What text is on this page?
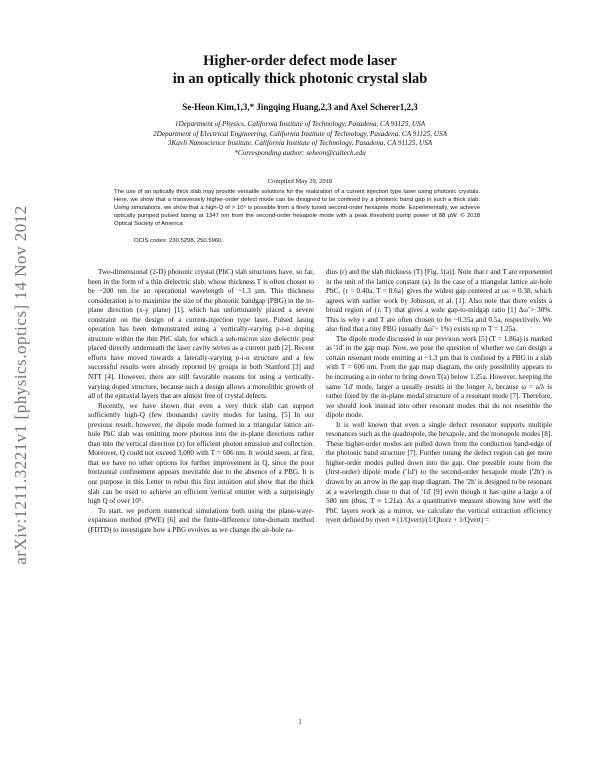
arXiv:1211.3221v1 [physics.optics] 14 Nov 2012
Higher-order defect mode laser
in an optically thick photonic crystal slab
Se-Heon Kim,1,3,* Jingqing Huang,2,3 and Axel Scherer1,2,3
1Department of Physics, California Institute of Technology, Pasadena, CA 91125, USA
2Department of Electrical Engineering, California Institute of Technology, Pasadena, CA 91125, USA
3Kavli Nanoscience Institute, California Institute of Technology, Pasadena, CA 91125, USA
*Corresponding author: seheon@caltech.edu
Compiled May 29, 2018
The use of an optically thick slab may provide versatile solutions for the realization of a current injection type laser using photonic crystals. Here, we show that a transversely higher-order defect mode can be designed to be confined by a photonic band gap in such a thick slab. Using simulations, we show that a high-Q of > 10⁵ is possible from a finely tuned second-order hexapole mode. Experimentally, we achieve optically pumped pulsed lasing at 1347 nm from the second-order hexapole mode with a peak threshold pump power of 88 µW. © 2018 Optical Society of America
OCIS codes: 230.5298, 250.5960.

Two-dimensional (2-D) photonic crystal (PhC) slab structures have, so far, been in the form of a thin dielectric slab, whose thickness T is often chosen to be ~200 nm for an operational wavelength of ~1.3 µm. This thickness consideration is to maximize the size of the photonic bandgap (PBG) in the in-plane direction (x-y plane) [1], which has unfortunately placed a severe constraint on the design of a current-injection type laser. Pulsed lasing operation has been demonstrated using a vertically-varying p-i-n doping structure within the thin PhC slab, for which a sub-micron size dielectric post placed directly underneath the laser cavity serves as a current path [2]. Recent efforts have moved towards a laterally-varying p-i-n structure and a few successful results were already reported by groups in both Stanford [3] and NTT [4]. However, there are still favorable reasons for using a vertically-varying doped structure, because such a design allows a monolithic growth of all of the epitaxial layers that are almost free of crystal defects.

Recently, we have shown that even a very thick slab can support sufficiently high-Q (few thousands) cavity modes for lasing. [5] In our previous result, however, the dipole mode formed in a triangular lattice air-hole PhC slab was emitting more photons into the in-plane directions rather than into the vertical direction (z) for efficient photon emission and collection. Moreover, Q could not exceed 3,000 with T = 606 nm. It would seem, at first, that we have no other options for further improvement in Q, since the poor horizontal confinement appears inevitable due to the absence of a PBG. It is our purpose in this Letter to rebut this first intuition and show that the thick slab can be used to achieve an efficient vertical emitter with a surprisingly high Q of over 10⁵.

To start, we perform numerical simulations both using the plane-wave-expansion method (PWE) [6] and the finite-difference time-domain method (FDTD) to investigate how a PBG evolves as we change the air-hole ra-

dius (r) and the slab thickness (T) [Fig. 1(a)]. Note that r and T are represented in the unit of the lattice constant (a). In the case of a triangular lattice air-hole PhC, {r = 0.40a, T = 0.6a} gives the widest gap centered at ωc ≈ 0.38, which agrees with earlier work by Johnson, et al. [1]. Also note that there exists a broad region of {r, T} that gives a wide gap-to-midgap ratio [1] Δω̃ > 30%. This is why r and T are often chosen to be ~0.35a and 0.5a, respectively. We also find that a tiny PBG (usually Δω̃ ~ 1%) exists up to T = 1.25a.

The dipole mode discussed in our previous work [5] (T = 1.86a) is marked as '1d' in the gap map. Now, we pose the question of whether we can design a certain resonant mode emitting at ~1.3 µm that is confined by a PBG in a slab with T = 606 nm. From the gap map diagram, the only possibility appears to be increasing a in order to bring down T(a) below 1.25a. However, keeping the same '1d' mode, larger a usually results in the longer λ, because ω = a/λ is rather fixed by the in-plane modal structure of a resonant mode [7]. Therefore, we should look instead into other resonant modes that do not resemble the dipole mode.

It is well known that even a single defect resonator supports multiple resonances such as the quadrupole, the hexapole, and the monopole modes [8]. These higher-order modes are pulled down from the conduction band-edge of the photonic band structure [7]. Further tuning the defect region can get more higher-order modes pulled down into the gap. One possible route from the (first-order) dipole mode ('1d') to the second-order hexapole mode ('2h') is drawn by an arrow in the gap map diagram. The '2h' is designed to be resonant at a wavelength close to that of '1d' [9] even though it has quite a large a of 500 nm (thus, T ≈ 1.21a). As a quantitative measure showing how well the PhC layers work as a mirror, we calculate the vertical extraction efficiency ηvert defined by ηvert ≡ (1/Qvert)/(1/Qhorz + 1/Qvert) =

1
